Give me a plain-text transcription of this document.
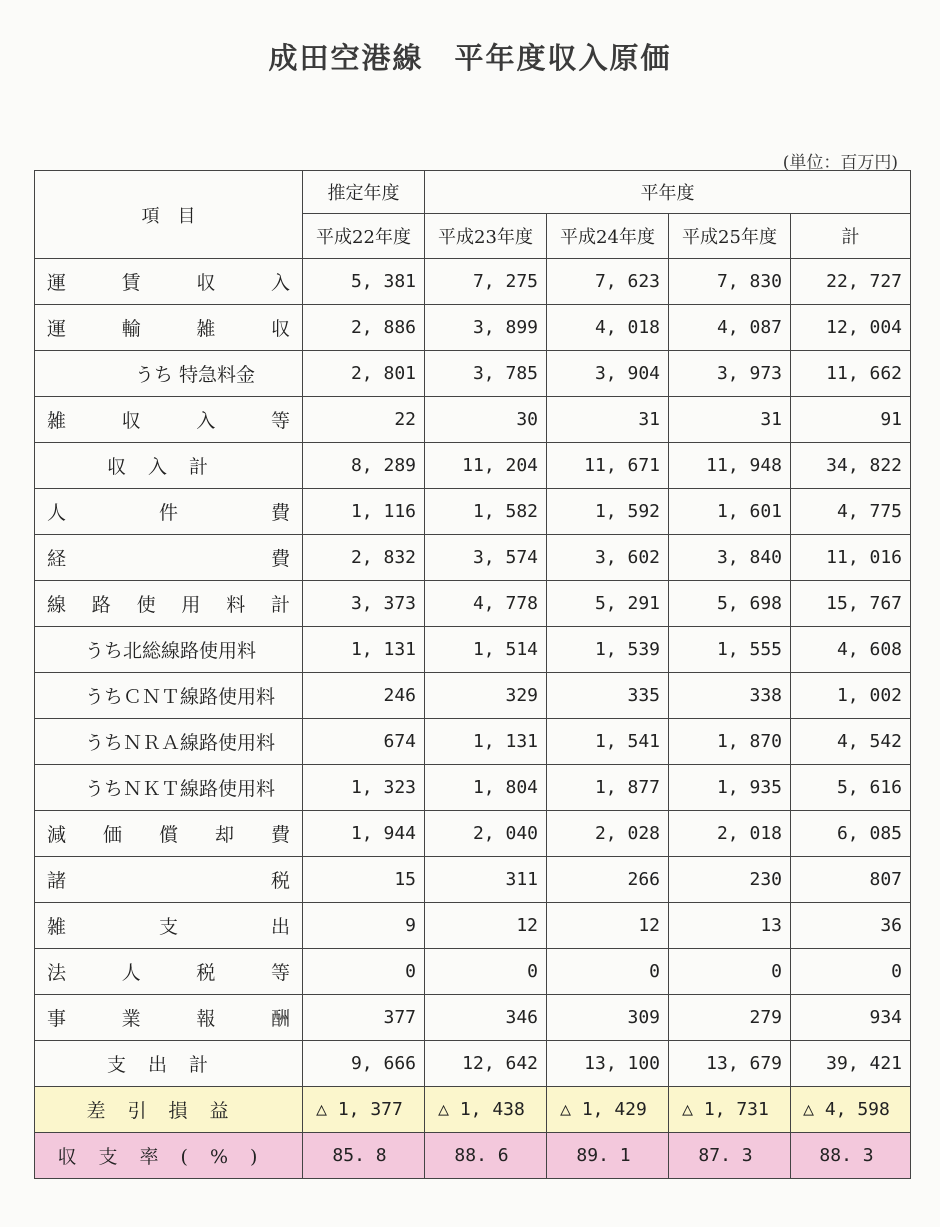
成田空港線　平年度収入原価
(単位：百万円)
項　目	推定年度	平年度			
	平成22年度	平成23年度	平成24年度	平成25年度	計
運賃収入	5, 381	7, 275	7, 623	7, 830	22, 727
運輸雑収	2, 886	3, 899	4, 018	4, 087	12, 004
うち 特急料金	2, 801	3, 785	3, 904	3, 973	11, 662
雑収入等	22	30	31	31	91
収入計	8, 289	11, 204	11, 671	11, 948	34, 822
人件費	1, 116	1, 582	1, 592	1, 601	4, 775
経費	2, 832	3, 574	3, 602	3, 840	11, 016
線路使用料計	3, 373	4, 778	5, 291	5, 698	15, 767
うち北総線路使用料	1, 131	1, 514	1, 539	1, 555	4, 608
うちＣＮＴ線路使用料	246	329	335	338	1, 002
うちＮＲＡ線路使用料	674	1, 131	1, 541	1, 870	4, 542
うちＮＫＴ線路使用料	1, 323	1, 804	1, 877	1, 935	5, 616
減価償却費	1, 944	2, 040	2, 028	2, 018	6, 085
諸税	15	311	266	230	807
雑支出	9	12	12	13	36
法人税等	0	0	0	0	0
事業報酬	377	346	309	279	934
支出計	9, 666	12, 642	13, 100	13, 679	39, 421
差引損益	△ 1, 377	△ 1, 438	△ 1, 429	△ 1, 731	△ 4, 598
収支率(%)	85. 8	88. 6	89. 1	87. 3	88. 3
